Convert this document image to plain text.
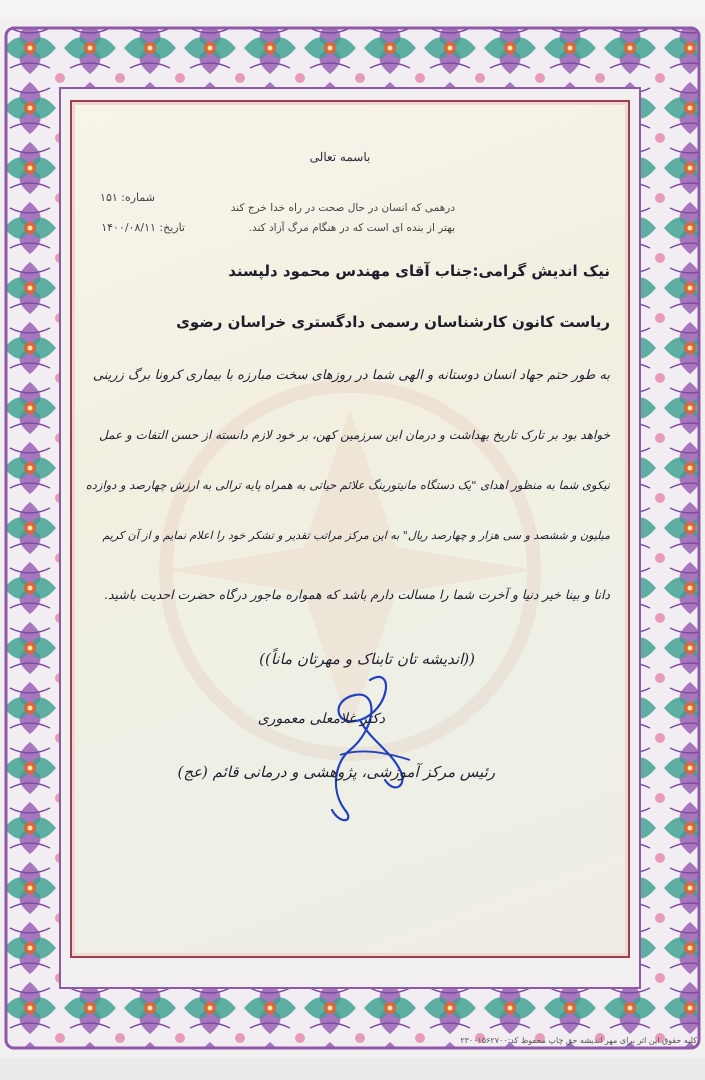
باسمه تعالی
شماره: ۱۵۱
تاریخ: ۱۴۰۰/۰۸/۱۱
درهمی که انسان در حال صحت در راه خدا خرج کند
بهتر از بنده ای است که در هنگام مرگ آزاد کند.
نیک اندیش گرامی:جناب آقای مهندس محمود دلپسند
ریاست کانون کارشناسان رسمی دادگستری خراسان رضوی
به طور حتم جهاد انسان دوستانه و الهی شما در روزهای سخت مبارزه با بیماری کرونا برگ زرینی
خواهد بود بر تارک تاریخ بهداشت و درمان این سرزمین کهن، بر خود لازم دانسته از حسن التفات و عمل
نیکوی شما به منظور اهدای "یک دستگاه مانیتورینگ علائم حیاتی به همراه پایه ترالی به ارزش چهارصد و دوازده
میلیون و ششصد و سی هزار و چهارصد ریال" به این مرکز مراتب تقدیر و تشکر خود را اعلام نمایم و از آن کریم
دانا و بینا خیر دنیا و آخرت شما را مسالت دارم باشد که همواره ماجور درگاه حضرت احدیت باشید.
((اندیشه تان تابناک و مهرتان ماناً))
دکتر غلامعلی معموری
رئیس مرکز آموزشی، پژوهشی و درمانی قائم (عج)
کلیه حقوق این اثر برای مهر اندیشه حق چاپ محفوظ کد:۲۳۰۰۱۵۶۲۷۰۰
